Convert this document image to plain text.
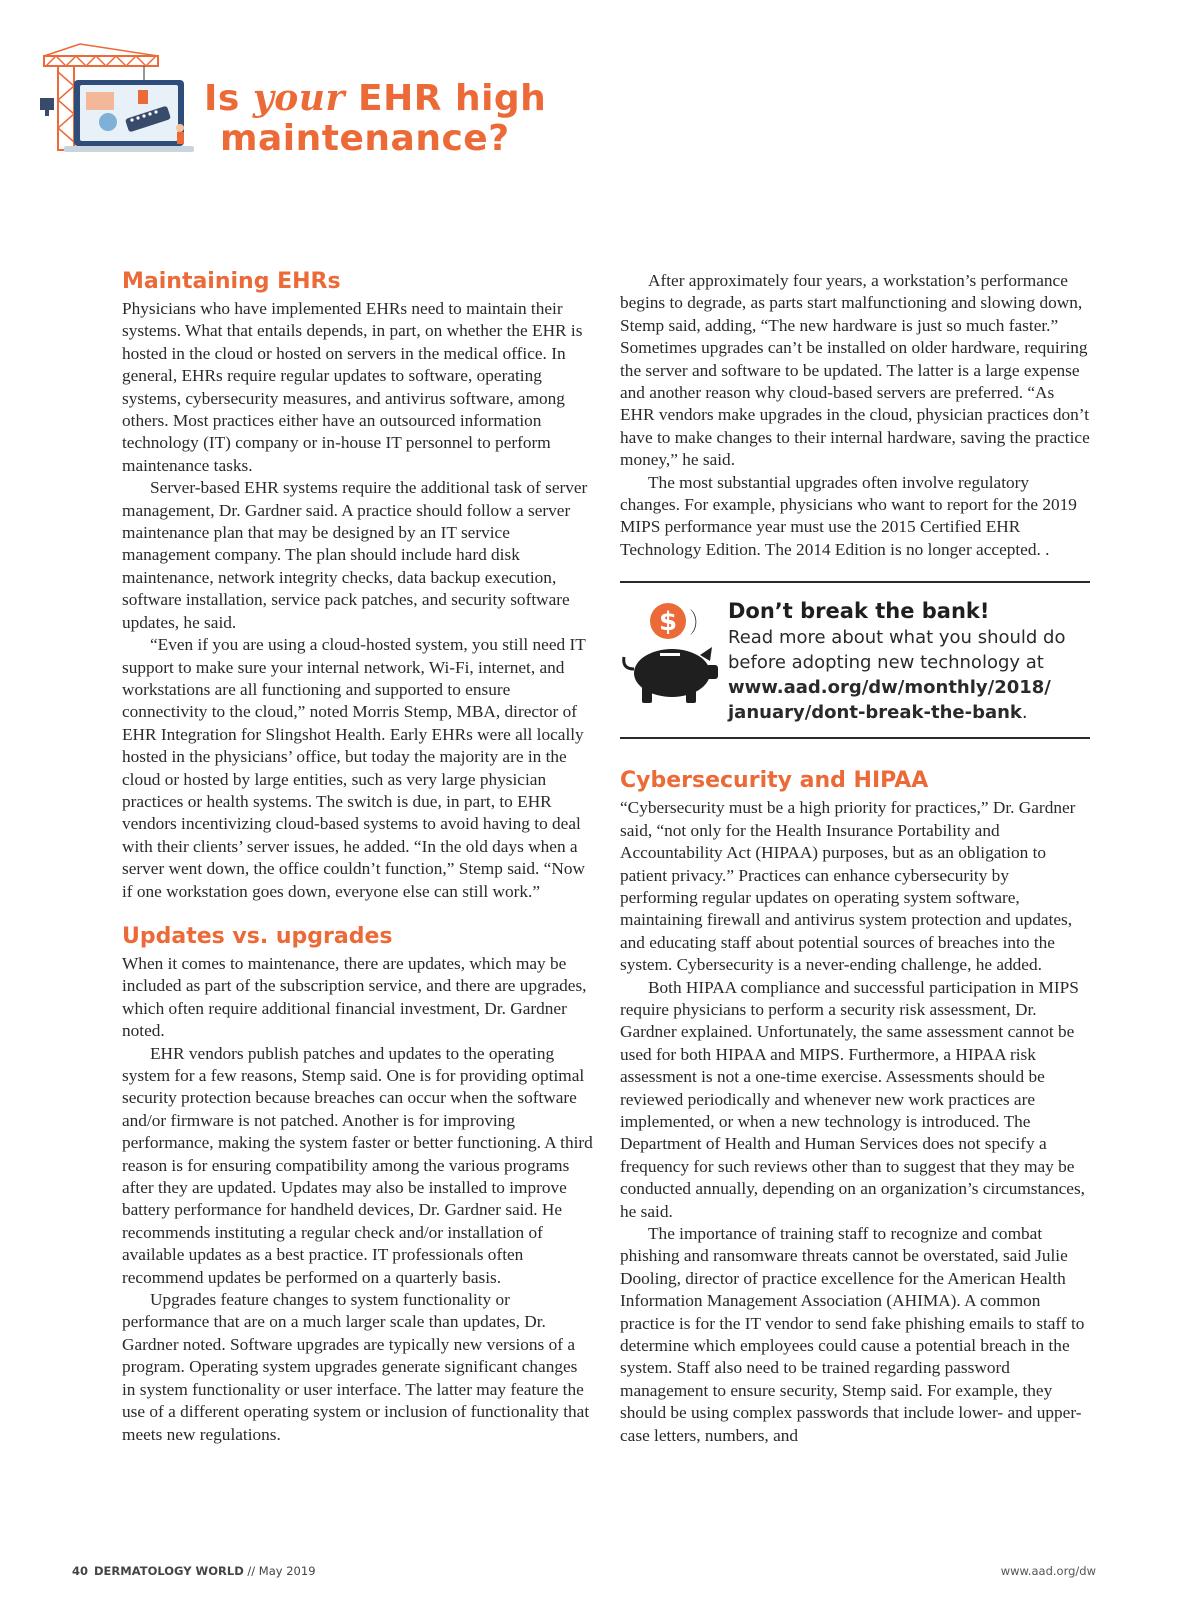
Is your EHR high
maintenance?
Maintaining EHRs

Physicians who have implemented EHRs need to maintain their systems. What that entails depends, in part, on whether the EHR is hosted in the cloud or hosted on servers in the medical office. In general, EHRs require regular updates to software, operating systems, cybersecurity measures, and antivirus software, among others. Most practices either have an outsourced information technology (IT) company or in-house IT personnel to perform maintenance tasks.

Server-based EHR systems require the additional task of server management, Dr. Gardner said. A practice should follow a server maintenance plan that may be designed by an IT service management company. The plan should include hard disk maintenance, network integrity checks, data backup execution, software installation, service pack patches, and security software updates, he said.

“Even if you are using a cloud-hosted system, you still need IT support to make sure your internal network, Wi-Fi, internet, and workstations are all functioning and supported to ensure connectivity to the cloud,” noted Morris Stemp, MBA, director of EHR Integration for Slingshot Health. Early EHRs were all locally hosted in the physicians’ office, but today the majority are in the cloud or hosted by large entities, such as very large physician practices or health systems. The switch is due, in part, to EHR vendors incentivizing cloud-based systems to avoid having to deal with their clients’ server issues, he added. “In the old days when a server went down, the office couldn’t function,” Stemp said. “Now if one workstation goes down, everyone else can still work.”

Updates vs. upgrades

When it comes to maintenance, there are updates, which may be included as part of the subscription service, and there are upgrades, which often require additional financial investment, Dr. Gardner noted.

EHR vendors publish patches and updates to the operating system for a few reasons, Stemp said. One is for providing optimal security protection because breaches can occur when the software and/or firmware is not patched. Another is for improving performance, making the system faster or better functioning. A third reason is for ensuring compatibility among the various programs after they are updated. Updates may also be installed to improve battery performance for handheld devices, Dr. Gardner said. He recommends instituting a regular check and/or installation of available updates as a best practice. IT professionals often recommend updates be performed on a quarterly basis.

Upgrades feature changes to system functionality or performance that are on a much larger scale than updates, Dr. Gardner noted. Software upgrades are typically new versions of a program. Operating system upgrades generate significant changes in system functionality or user interface. The latter may feature the use of a different operating system or inclusion of functionality that meets new regulations.

After approximately four years, a workstation’s performance begins to degrade, as parts start malfunctioning and slowing down, Stemp said, adding, “The new hardware is just so much faster.” Sometimes upgrades can’t be installed on older hardware, requiring the server and software to be updated. The latter is a large expense and another reason why cloud-based servers are preferred. “As EHR vendors make upgrades in the cloud, physician practices don’t have to make changes to their internal hardware, saving the practice money,” he said.

The most substantial upgrades often involve regulatory changes. For example, physicians who want to report for the 2019 MIPS performance year must use the 2015 Certified EHR Technology Edition. The 2014 Edition is no longer accepted. .

$ Don’t break the bank!
Read more about what you should do before adopting new technology at www.aad.org/dw/monthly/2018/ january/dont-break-the-bank.
Cybersecurity and HIPAA

“Cybersecurity must be a high priority for practices,” Dr. Gardner said, “not only for the Health Insurance Portability and Accountability Act (HIPAA) purposes, but as an obligation to patient privacy.” Practices can enhance cybersecurity by performing regular updates on operating system software, maintaining firewall and antivirus system protection and updates, and educating staff about potential sources of breaches into the system. Cybersecurity is a never-ending challenge, he added.

Both HIPAA compliance and successful participation in MIPS require physicians to perform a security risk assessment, Dr. Gardner explained. Unfortunately, the same assessment cannot be used for both HIPAA and MIPS. Furthermore, a HIPAA risk assessment is not a one-time exercise. Assessments should be reviewed periodically and whenever new work practices are implemented, or when a new technology is introduced. The Department of Health and Human Services does not specify a frequency for such reviews other than to suggest that they may be conducted annually, depending on an organization’s circumstances, he said.

The importance of training staff to recognize and combat phishing and ransomware threats cannot be overstated, said Julie Dooling, director of practice excellence for the American Health Information Management Association (AHIMA). A common practice is for the IT vendor to send fake phishing emails to staff to determine which employees could cause a potential breach in the system. Staff also need to be trained regarding password management to ensure security, Stemp said. For example, they should be using complex passwords that include lower- and upper-case letters, numbers, and

40 DERMATOLOGY WORLD // May 2019	www.aad.org/dw
